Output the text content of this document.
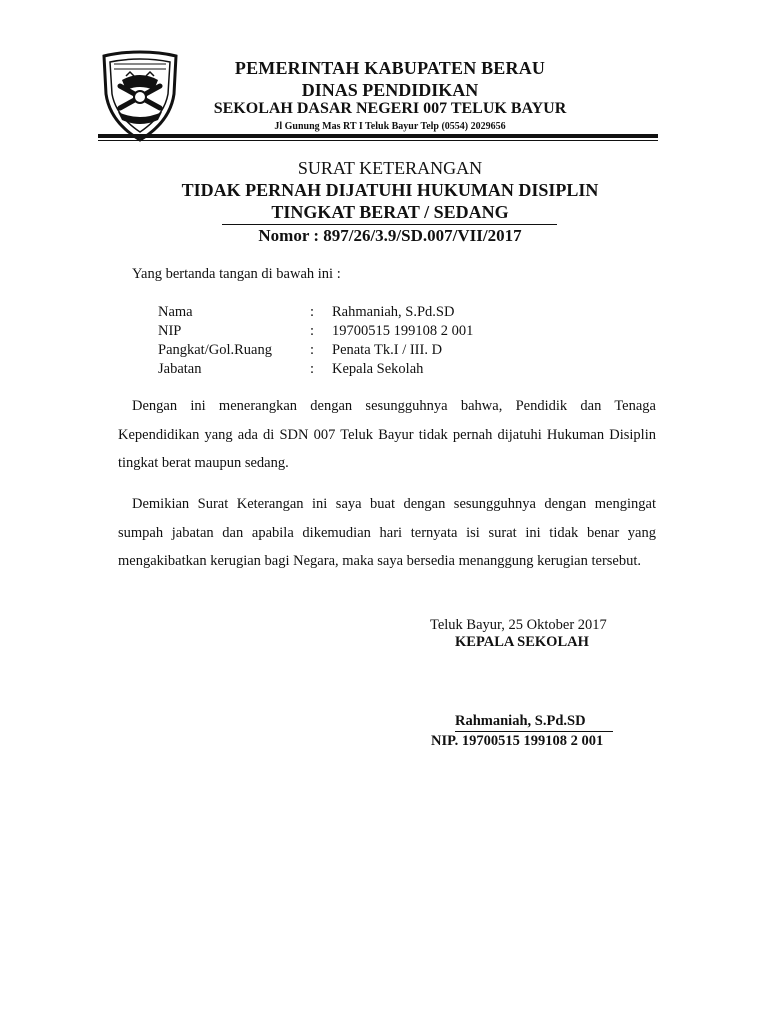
PEMERINTAH KABUPATEN BERAU
DINAS PENDIDIKAN
SEKOLAH DASAR NEGERI 007 TELUK BAYUR
Jl Gunung Mas RT I Teluk Bayur Telp (0554) 2029656
SURAT KETERANGAN
TIDAK PERNAH DIJATUHI HUKUMAN DISIPLIN
TINGKAT BERAT / SEDANG
Nomor : 897/26/3.9/SD.007/VII/2017
Yang bertanda tangan di bawah ini :
Nama	: Rahmaniah, S.Pd.SD
NIP	: 19700515 199108 2 001
Pangkat/Gol.Ruang	: Penata Tk.I / III. D
Jabatan	: Kepala Sekolah
Dengan ini menerangkan dengan sesungguhnya bahwa, Pendidik dan Tenaga Kependidikan yang ada di SDN 007 Teluk Bayur tidak pernah dijatuhi Hukuman Disiplin tingkat berat maupun sedang.
Demikian Surat Keterangan ini saya buat dengan sesungguhnya dengan mengingat sumpah jabatan dan apabila dikemudian hari ternyata isi surat ini tidak benar yang mengakibatkan kerugian bagi Negara, maka saya bersedia menanggung kerugian tersebut.
Teluk Bayur, 25 Oktober 2017
KEPALA SEKOLAH
Rahmaniah, S.Pd.SD
NIP. 19700515 199108 2 001
